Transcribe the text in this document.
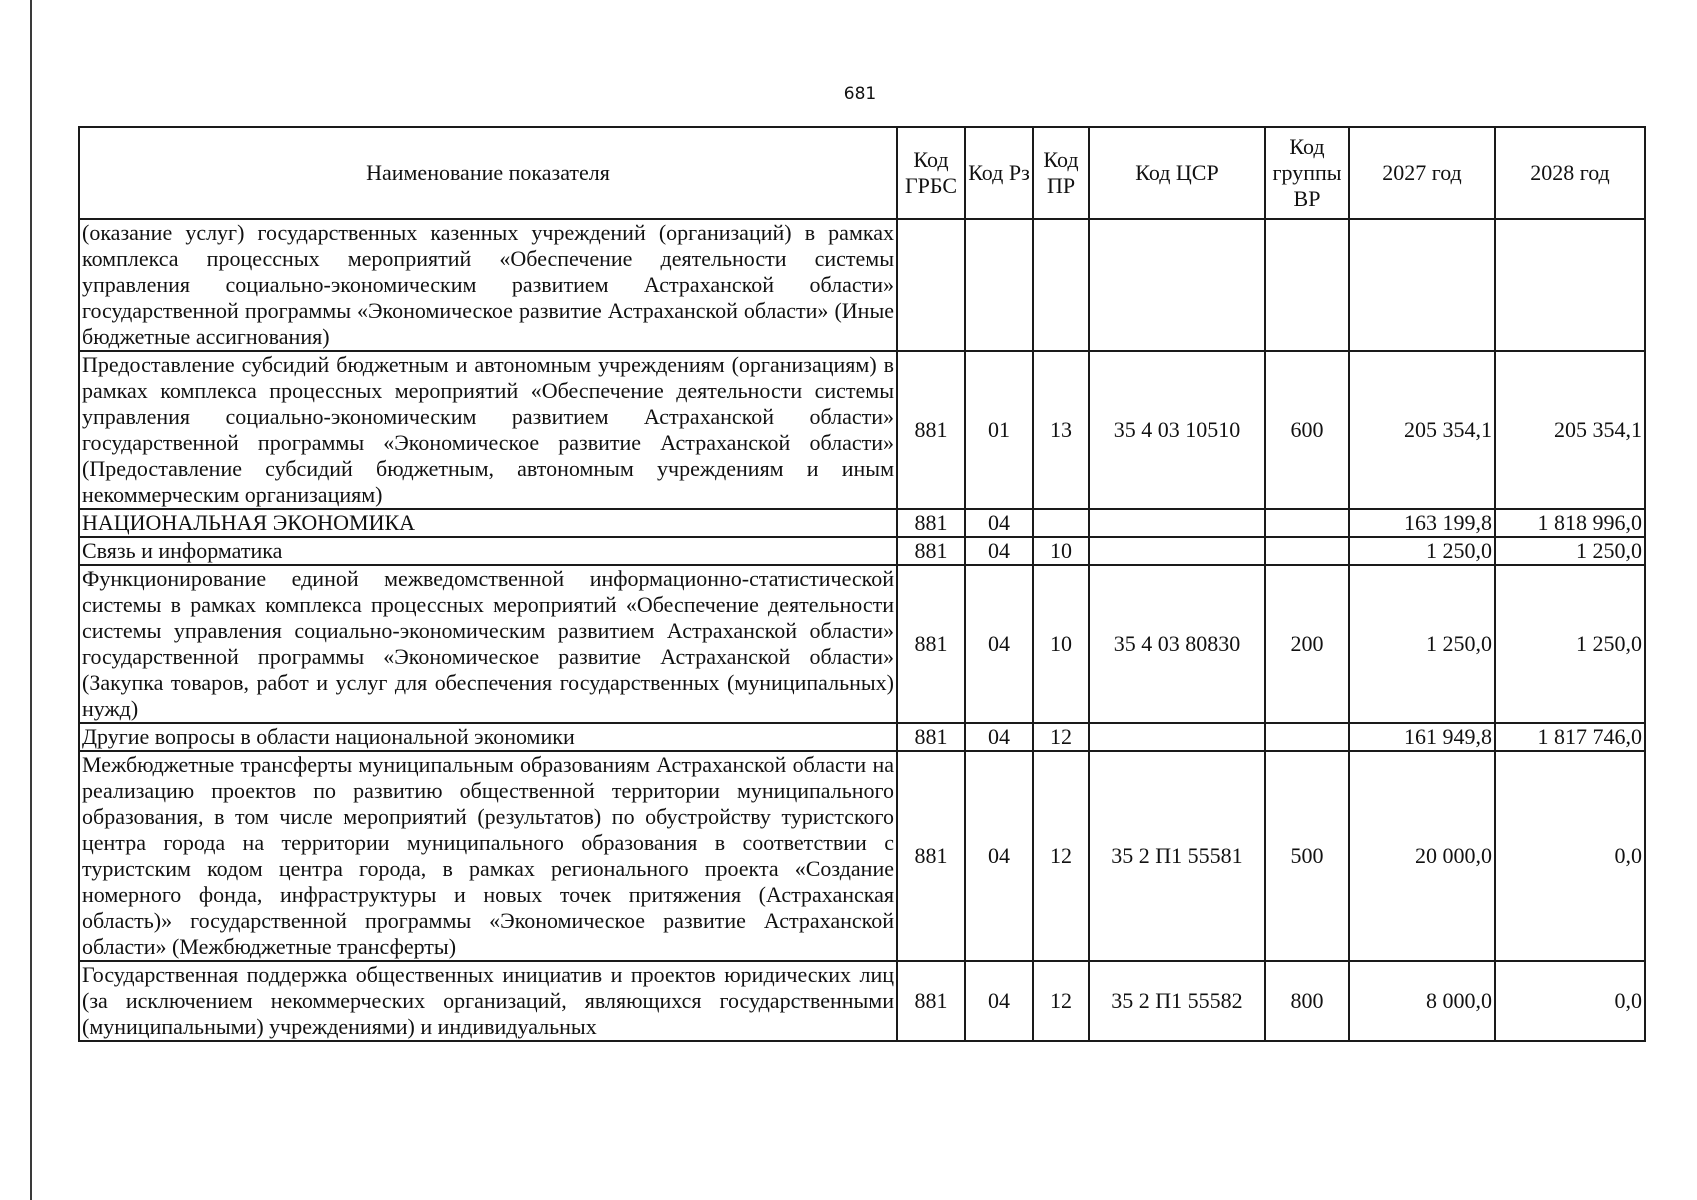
681
Наименование показателя	Код ГРБС	Код Рз	Код ПР	Код ЦСР	Код группы ВР	2027 год	2028 год
(оказание услуг) государственных казенных учреждений (организаций) в рамках комплекса процессных мероприятий «Обеспечение деятельности системы управления социально-экономическим развитием Астраханской области» государственной программы «Экономическое развитие Астраханской области» (Иные бюджетные ассигнования)							
Предоставление субсидий бюджетным и автономным учреждениям (организациям) в рамках комплекса процессных мероприятий «Обеспечение деятельности системы управления социально-экономическим развитием Астраханской области» государственной программы «Экономическое развитие Астраханской области» (Предоставление субсидий бюджетным, автономным учреждениям и иным некоммерческим организациям)	881	01	13	35 4 03 10510	600	205 354,1	205 354,1
НАЦИОНАЛЬНАЯ ЭКОНОМИКА	881	04				163 199,8	1 818 996,0
Связь и информатика	881	04	10			1 250,0	1 250,0
Функционирование единой межведомственной информационно-статистической системы в рамках комплекса процессных мероприятий «Обеспечение деятельности системы управления социально-экономическим развитием Астраханской области» государственной программы «Экономическое развитие Астраханской области» (Закупка товаров, работ и услуг для обеспечения государственных (муниципальных) нужд)	881	04	10	35 4 03 80830	200	1 250,0	1 250,0
Другие вопросы в области национальной экономики	881	04	12			161 949,8	1 817 746,0
Межбюджетные трансферты муниципальным образованиям Астраханской области на реализацию проектов по развитию общественной территории муниципального образования, в том числе мероприятий (результатов) по обустройству туристского центра города на территории муниципального образования в соответствии с туристским кодом центра города, в рамках регионального проекта «Создание номерного фонда, инфраструктуры и новых точек притяжения (Астраханская область)» государственной программы «Экономическое развитие Астраханской области» (Межбюджетные трансферты)	881	04	12	35 2 П1 55581	500	20 000,0	0,0
Государственная поддержка общественных инициатив и проектов юридических лиц (за исключением некоммерческих организаций, являющихся государственными (муниципальными) учреждениями) и индивидуальных	881	04	12	35 2 П1 55582	800	8 000,0	0,0
